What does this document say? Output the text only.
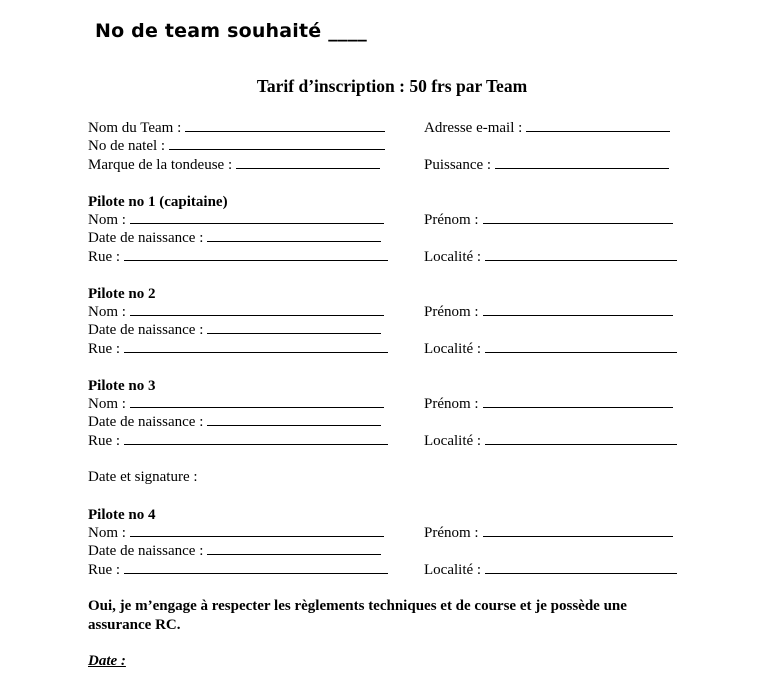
No de team souhaité ____
Tarif d’inscription : 50 frs par Team
Nom du Team :
No de natel :
Marque de la tondeuse :
Adresse e-mail :
Puissance :
Pilote no 1 (capitaine)
Nom :
Date de naissance :
Rue :
Prénom :
Localité :
Pilote no 2
Nom :
Date de naissance :
Rue :
Prénom :
Localité :
Pilote no 3
Nom :
Date de naissance :
Rue :
Prénom :
Localité :
Date et signature :
Pilote no 4
Nom :
Date de naissance :
Rue :
Prénom :
Localité :
Oui, je m’engage à respecter les règlements techniques et de course et je possède une assurance RC.
Date :
